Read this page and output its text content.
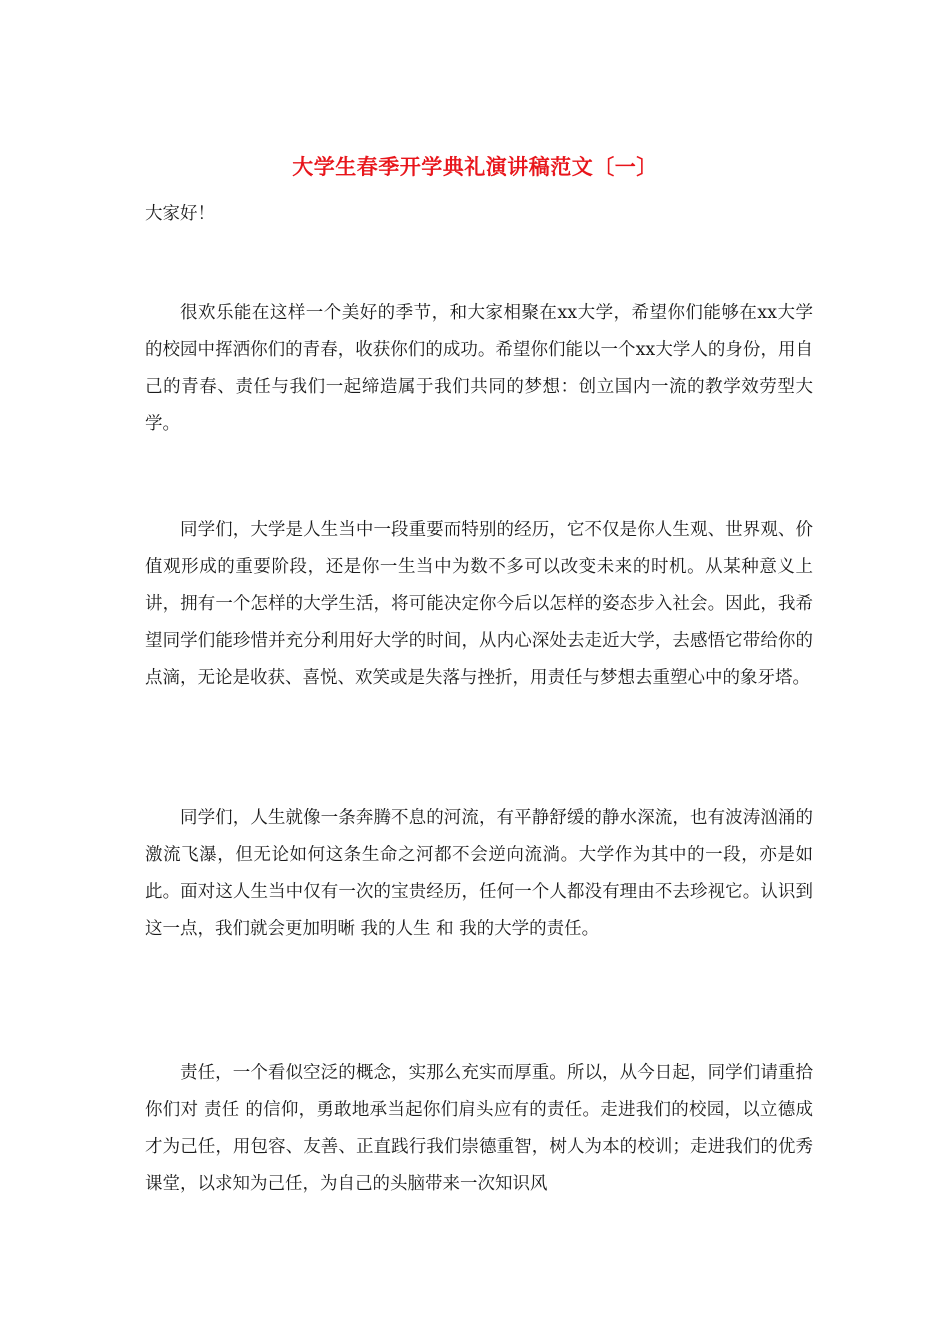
大学生春季开学典礼演讲稿范文〔一〕
大家好！
很欢乐能在这样一个美好的季节，和大家相聚在xx大学，希望你们能够在xx大学的校园中挥洒你们的青春，收获你们的成功。希望你们能以一个xx大学人的身份，用自己的青春、责任与我们一起缔造属于我们共同的梦想：创立国内一流的教学效劳型大学。
同学们，大学是人生当中一段重要而特别的经历，它不仅是你人生观、世界观、价值观形成的重要阶段，还是你一生当中为数不多可以改变未来的时机。从某种意义上讲，拥有一个怎样的大学生活，将可能决定你今后以怎样的姿态步入社会。因此，我希望同学们能珍惜并充分利用好大学的时间，从内心深处去走近大学，去感悟它带给你的点滴，无论是收获、喜悦、欢笑或是失落与挫折，用责任与梦想去重塑心中的象牙塔。
同学们，人生就像一条奔腾不息的河流，有平静舒缓的静水深流，也有波涛汹涌的激流飞瀑，但无论如何这条生命之河都不会逆向流淌。大学作为其中的一段，亦是如此。面对这人生当中仅有一次的宝贵经历，任何一个人都没有理由不去珍视它。认识到这一点，我们就会更加明晰 我的人生 和 我的大学的责任。
责任，一个看似空泛的概念，实那么充实而厚重。所以，从今日起，同学们请重拾你们对 责任 的信仰，勇敢地承当起你们肩头应有的责任。走进我们的校园，以立德成才为己任，用包容、友善、正直践行我们崇德重智，树人为本的校训；走进我们的优秀课堂，以求知为己任，为自己的头脑带来一次知识风
